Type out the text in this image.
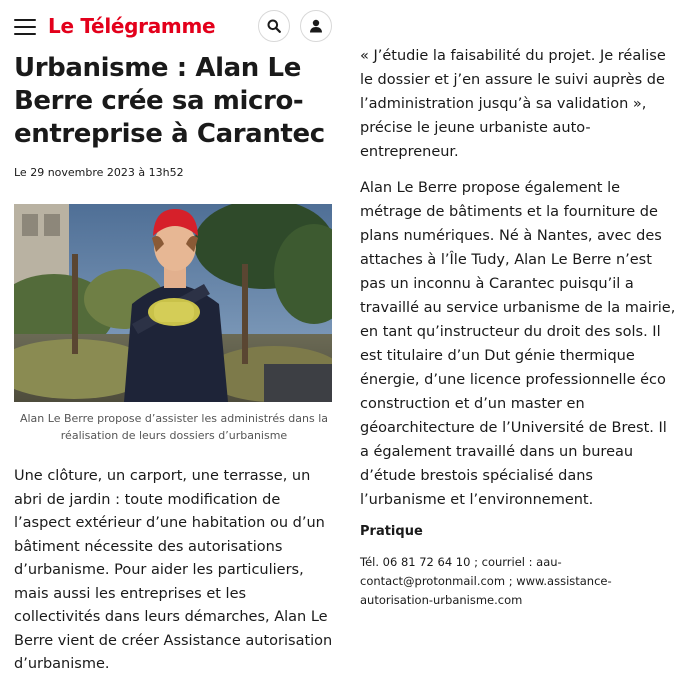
Le Télégramme
Urbanisme : Alan Le Berre crée sa micro-entreprise à Carantec
Le 29 novembre 2023 à 13h52
Alan Le Berre propose d’assister les administrés dans la réalisation de leurs dossiers d’urbanisme

Une clôture, un carport, une terrasse, un abri de jardin : toute modification de l’aspect extérieur d’une habitation ou d’un bâtiment nécessite des autorisations d’urbanisme. Pour aider les particuliers, mais aussi les entreprises et les collectivités dans leurs démarches, Alan Le Berre vient de créer Assistance autorisation d’urbanisme.

« J’étudie la faisabilité du projet. Je réalise le dossier et j’en assure le suivi auprès de l’administration jusqu’à sa validation », précise le jeune urbaniste auto-entrepreneur.

Alan Le Berre propose également le métrage de bâtiments et la fourniture de plans numériques. Né à Nantes, avec des attaches à l’Île Tudy, Alan Le Berre n’est pas un inconnu à Carantec puisqu’il a travaillé au service urbanisme de la mairie, en tant qu’instructeur du droit des sols. Il est titulaire d’un Dut génie thermique énergie, d’une licence professionnelle éco construction et d’un master en géoarchitecture de l’Université de Brest. Il a également travaillé dans un bureau d’étude brestois spécialisé dans l’urbanisme et l’environnement.

Pratique
Tél. 06 81 72 64 10 ; courriel : aau-contact@protonmail.com ; www.assistance-autorisation-urbanisme.com
